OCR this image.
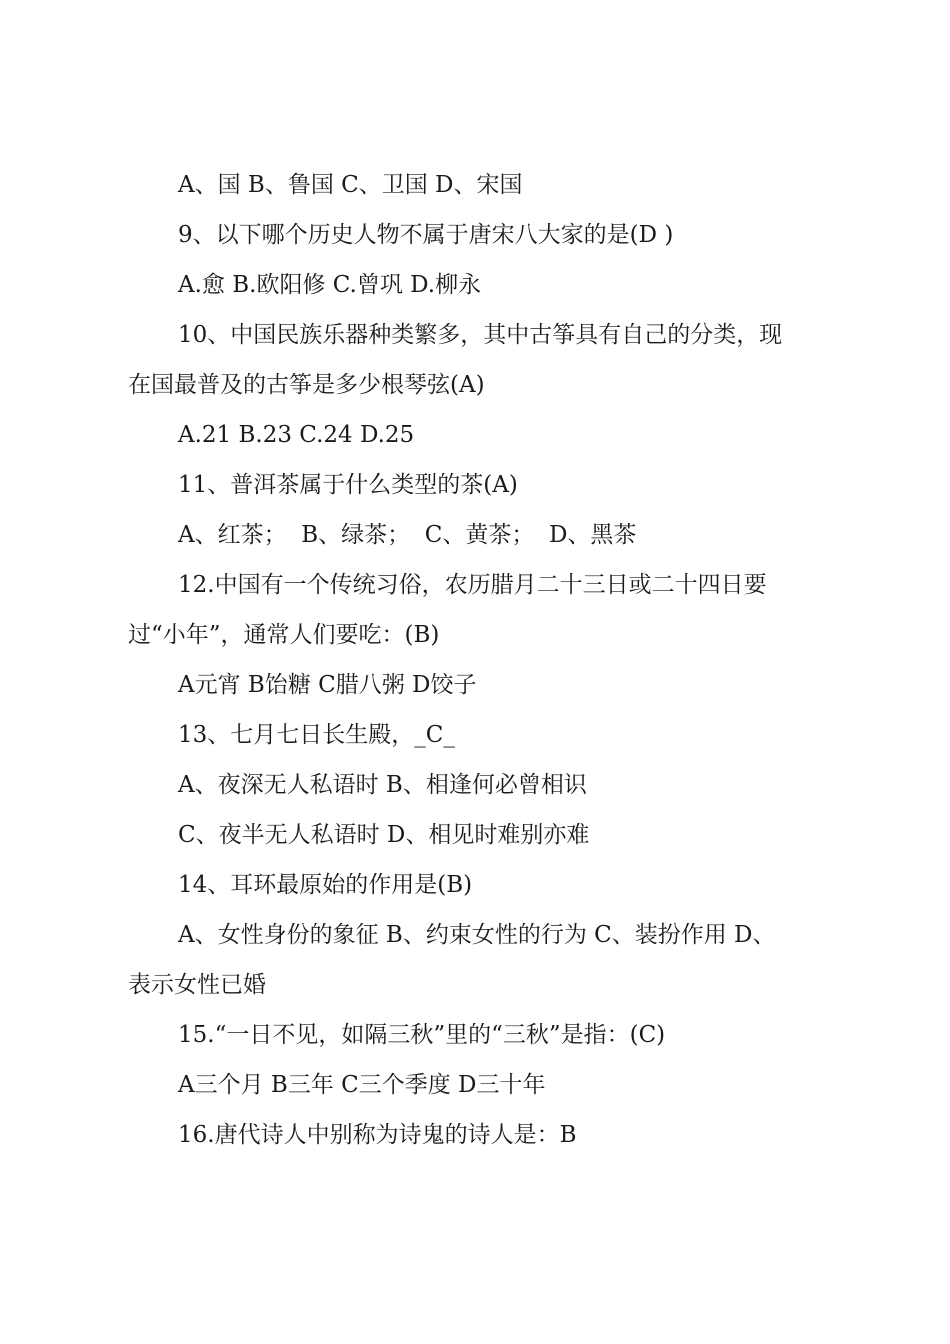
A、国 B、鲁国 C、卫国 D、宋国
9、以下哪个历史人物不属于唐宋八大家的是(D )
A.愈 B.欧阳修 C.曾巩 D.柳永
10、中国民族乐器种类繁多，其中古筝具有自己的分类，现
在国最普及的古筝是多少根琴弦(A)
A.21 B.23 C.24 D.25
11、普洱茶属于什么类型的茶(A)
A、红茶；  B、绿茶；  C、黄茶；  D、黑茶
12.中国有一个传统习俗，农历腊月二十三日或二十四日要
过“小年”，通常人们要吃：(B)
A元宵 B饴糖 C腊八粥 D饺子
13、七月七日长生殿，_C_
A、夜深无人私语时 B、相逢何必曾相识
C、夜半无人私语时 D、相见时难别亦难
14、耳环最原始的作用是(B)
A、女性身份的象征 B、约束女性的行为 C、装扮作用 D、
表示女性已婚
15.“一日不见，如隔三秋”里的“三秋”是指：(C)
A三个月 B三年 C三个季度 D三十年
16.唐代诗人中别称为诗鬼的诗人是：B
